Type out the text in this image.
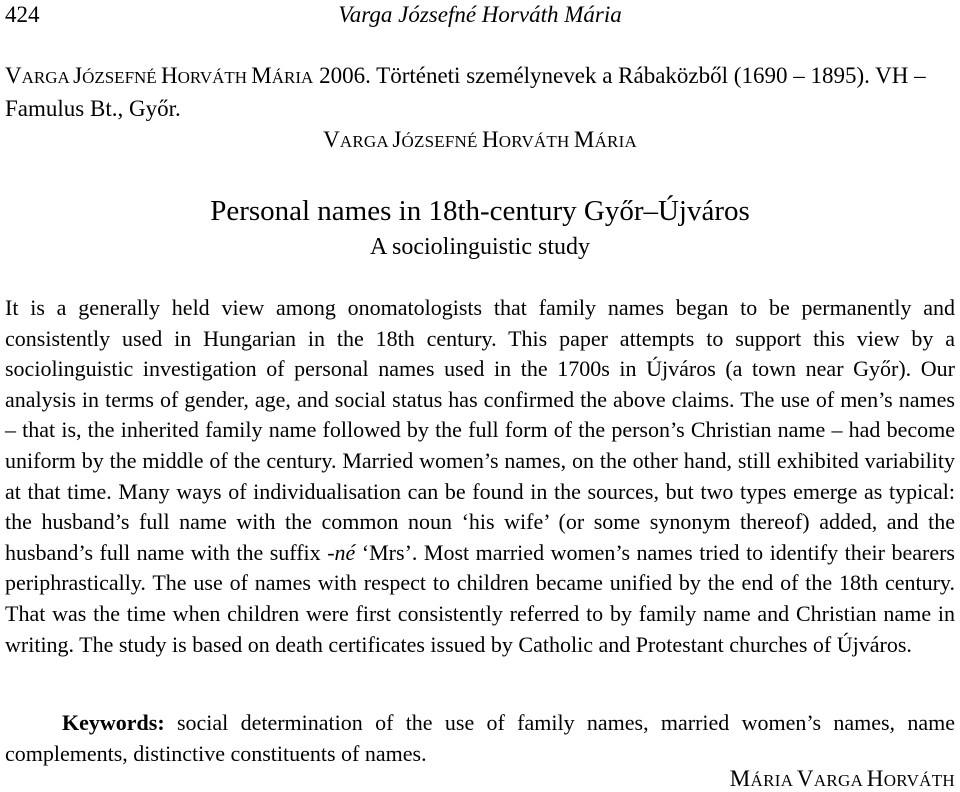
424	Varga Józsefné Horváth Mária
VARGA JÓZSEFNÉ HORVÁTH MÁRIA 2006. Történeti személynevek a Rábaközből (1690 – 1895). VH – Famulus Bt., Győr.
VARGA JÓZSEFNÉ HORVÁTH MÁRIA
Personal names in 18th-century Győr–Újváros
A sociolinguistic study

It is a generally held view among onomatologists that family names began to be permanently and consistently used in Hungarian in the 18th century. This paper attempts to support this view by a sociolinguistic investigation of personal names used in the 1700s in Újváros (a town near Győr). Our analysis in terms of gender, age, and social status has confirmed the above claims. The use of men’s names – that is, the inherited family name followed by the full form of the person’s Christian name – had become uniform by the middle of the century. Married women’s names, on the other hand, still exhibited variability at that time. Many ways of individualisation can be found in the sources, but two types emerge as typical: the husband’s full name with the common noun ‘his wife’ (or some synonym thereof) added, and the husband’s full name with the suffix -né ‘Mrs’. Most married women’s names tried to identify their bearers periphrastically. The use of names with respect to children became unified by the end of the 18th century. That was the time when children were first consistently referred to by family name and Christian name in writing. The study is based on death certificates issued by Catholic and Protestant churches of Újváros.

Keywords: social determination of the use of family names, married women’s names, name complements, distinctive constituents of names.
MÁRIA VARGA HORVÁTH
